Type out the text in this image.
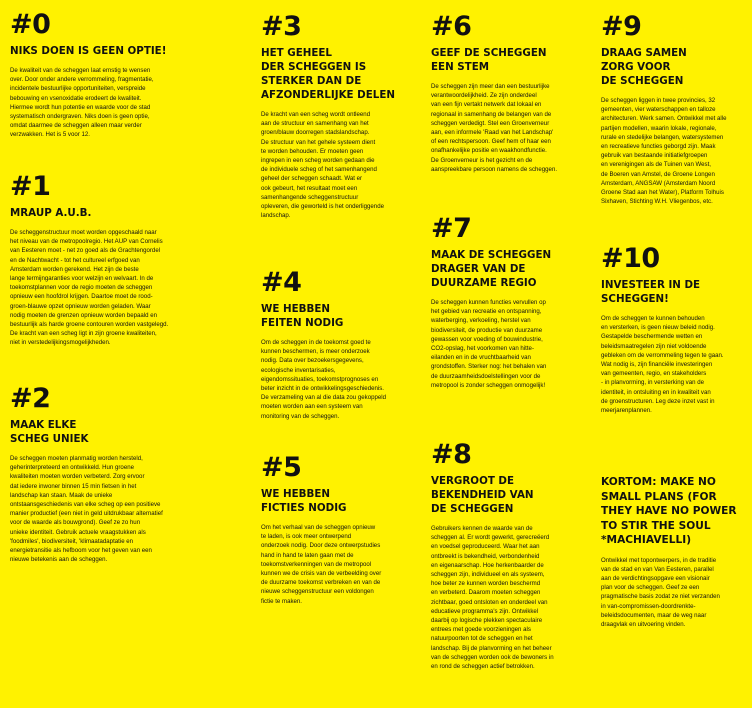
#0
NIKS DOEN IS GEEN OPTIE!

De kwaliteit van de scheggen laat ernstig te wensen
over. Door onder andere verrommeling, fragmentatie,
incidentele bestuurlijke opportuniteiten, verspreide
bebouwing en vsenoxidatie erodeert de kwaliteit.
Hiermee wordt hun potentie en waarde voor de stad
systematisch ondergraven. Niks doen is geen optie,
omdat daarmee de scheggen alleen maar verder
verzwakken. Het is 5 voor 12.

#1
MRAUP A.U.B.

De scheggenstructuur moet worden opgeschaald naar
het niveau van de metropoolregio. Het AUP van Cornelis
van Eesteren moet - net zo goed als de Grachtengordel
en de Nachtwacht - tot het cultureel erfgoed van
Amsterdam worden gerekend. Het zijn de beste
lange termijngaranties voor welzijn en welvaart. In de
toekomstplannen voor de regio moeten de scheggen
opnieuw een hoofdrol krijgen. Daartoe moet de rood-
groen-blauwe opzet opnieuw worden geladen. Waar
nodig moeten de grenzen opnieuw worden bepaald en
bestuurlijk als harde groene contouren worden vastgelegd.
De kracht van een scheg ligt in zijn groene kwaliteiten,
niet in verstedelijkingsmogelijkheden.

#2
MAAK ELKE
SCHEG UNIEK

De scheggen moeten planmatig worden hersteld,
geherinterpreteerd en ontwikkeld. Hun groene
kwaliteiten moeten worden verbeterd. Zorg ervoor
dat iedere inwoner binnen 15 min fietsen in het
landschap kan staan. Maak de unieke
ontstaansgeschiedenis van elke scheg op een positieve
manier productief (een niet in geld uitdrukbaar alternatief
voor de waarde als bouwgrond). Geef ze zo hun
unieke identiteit. Gebruik actuele vraagstukken als
'foodmiles', biodiversiteit, 'klimaatadaptatie en
energietransitie als hefboom voor het geven van een
nieuwe betekenis aan de scheggen.

#3
HET GEHEEL
DER SCHEGGEN IS
STERKER DAN DE
AFZONDERLIJKE DELEN

De kracht van een scheg wordt ontleend
aan de structuur en samenhang van het
groen/blauw doorregen stadslandschap.
De structuur van het gehele systeem dient
te worden behouden. Er moeten geen
ingrepen in een scheg worden gedaan die
de individuele scheg of het samenhangend
geheel der scheggen schaadt. Wat er
ook gebeurt, het resultaat moet een
samenhangende scheggenstructuur
opleveren, die geworteld is het onderliggende
landschap.

#4
WE HEBBEN
FEITEN NODIG

Om de scheggen in de toekomst goed te
kunnen beschermen, is meer onderzoek
nodig. Data over bezoekersgegevens,
ecologische inventarisaties,
eigendomssituaties, toekomstprognoses en
beter inzicht in de ontwikkelingsgeschiedenis.
De verzameling van al die data zou gekoppeld
moeten worden aan een systeem van
monitoring van de scheggen.

#5
WE HEBBEN
FICTIES NODIG

Om het verhaal van de scheggen opnieuw
te laden, is ook meer ontwerpend
onderzoek nodig. Door deze ontwerpstudies
hand in hand te laten gaan met de
toekomstverkenningen van de metropool
kunnen we de crisis van de verbeelding over
de duurzame toekomst verbreken en van de
nieuwe scheggenstructuur een voldongen
fictie te maken.

#6
GEEF DE SCHEGGEN
EEN STEM

De scheggen zijn meer dan een bestuurlijke
verantwoordelijkheid. Ze zijn onderdeel
van een fijn vertakt netwerk dat lokaal en
regionaal in samenhang de belangen van de
scheggen verdedigt. Stel een Groenverneur
aan, een informele 'Raad van het Landschap'
of een rechtspersoon. Geef hem of haar een
onafhankelijke positie en waakhondfunctie.
De Groenverneur is het gezicht en de
aanspreekbare persoon namens de scheggen.

#7
MAAK DE SCHEGGEN
DRAGER VAN DE
DUURZAME REGIO

De scheggen kunnen functies vervullen op
het gebied van recreatie en ontspanning,
waterberging, verkoeling, herstel van
biodiversiteit, de productie van duurzame
gewassen voor voeding of bouwindustrie,
CO2-opslag, het voorkomen van hitte-
eilanden en in de vruchtbaarheid van
grondstoffen. Sterker nog: het behalen van
de duurzaamheidsdoelstellingen voor de
metropool is zonder scheggen onmogelijk!

#8
VERGROOT DE
BEKENDHEID VAN
DE SCHEGGEN

Gebruikers kennen de waarde van de
scheggen al. Er wordt gewerkt, gerecreëerd
en voedsel geproduceerd. Waar het aan
ontbreekt is bekendheid, verbondenheid
en eigenaarschap. Hoe herkenbaarder de
scheggen zijn, individueel en als systeem,
hoe beter ze kunnen worden beschermd
en verbeterd. Daarom moeten scheggen
zichtbaar, goed ontsloten en onderdeel van
educatieve programma's zijn. Ontwikkel
daarbij op logische plekken spectaculaire
entrees met goede voorzieningen als
natuurpoorten tot de scheggen en het
landschap. Bij de planvorming en het beheer
van de scheggen worden ook de bewoners in
en rond de scheggen actief betrokken.

#9
DRAAG SAMEN
ZORG VOOR
DE SCHEGGEN

De scheggen liggen in twee provincies, 32
gemeenten, vier waterschappen en talloze
architecturen. Werk samen. Ontwikkel met alle
partijen modellen, waarin lokale, regionale,
rurale en stedelijke belangen, watersystemen
en recreatieve functies geborgd zijn. Maak
gebruik van bestaande initiatiefgroepen
en verenigingen als de Tuinen van West,
de Boeren van Amstel, de Groene Longen
Amsterdam, ANGSAW (Amsterdam Noord
Groene Stad aan het Water), Platform Tolhuis
Sixhaven, Stichting W.H. Vliegenbos, etc.

#10
INVESTEER IN DE
SCHEGGEN!

Om de scheggen te kunnen behouden
en versterken, is geen nieuw beleid nodig.
Gestapelde beschermende wetten en
beleidsmaatregelen zijn niet voldoende
gebleken om de verrommeling tegen te gaan.
Wat nodig is, zijn financiële investeringen
van gemeenten, regio, en stakeholders
- in planvorming, in versterking van de
identiteit, in ontsluiting en in kwaliteit van
de groenstructuren. Leg deze inzet vast in
meerjarenplannen.

KORTOM: MAKE NO
SMALL PLANS (FOR
THEY HAVE NO POWER
TO STIR THE SOUL
*MACHIAVELLI)

Ontwikkel met topontwerpers, in de traditie
van de stad en van Van Eesteren, parallel
aan de verdichtingsopgave een visionair
plan voor de scheggen. Geef ze een
pragmatische basis zodat ze niet verzanden
in van-compromissen-doordrenkte-
beleidsdocumenten, maar de weg naar
draagvlak en uitvoering vinden.
